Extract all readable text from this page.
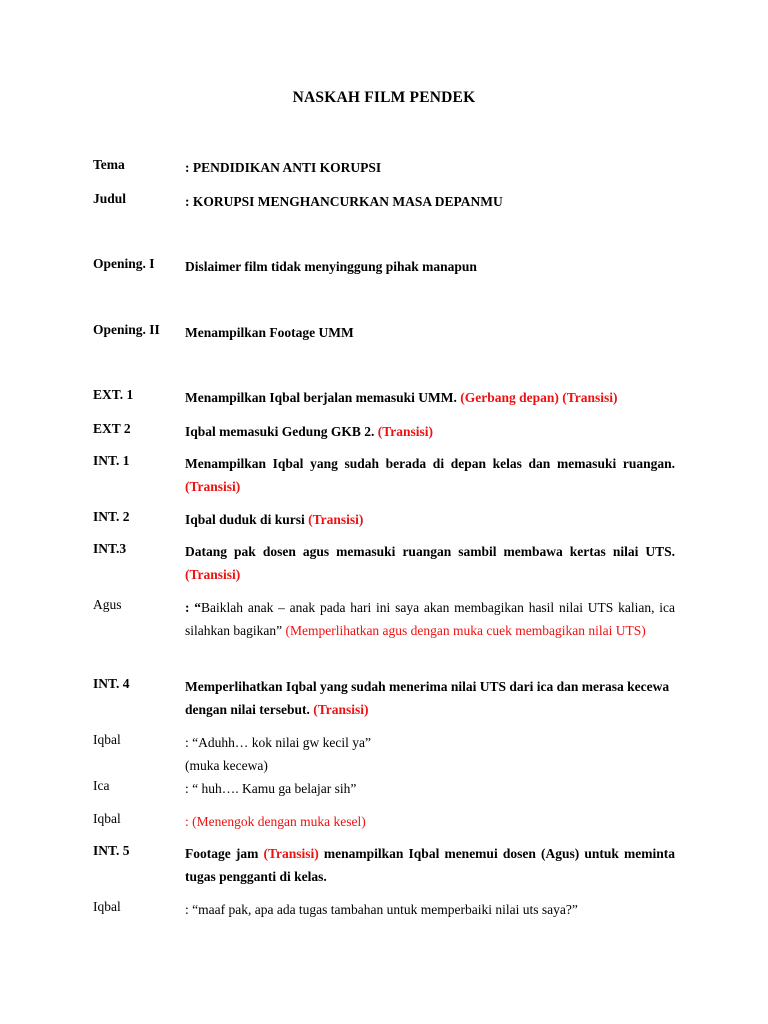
NASKAH FILM PENDEK
Tema	: PENDIDIKAN ANTI KORUPSI
Judul	: KORUPSI MENGHANCURKAN MASA DEPANMU
Opening. I	Dislaimer film tidak menyinggung pihak manapun
Opening. II	Menampilkan Footage UMM
EXT. 1	Menampilkan Iqbal berjalan memasuki UMM. (Gerbang depan) (Transisi)
EXT 2	Iqbal memasuki Gedung GKB 2. (Transisi)
INT. 1	Menampilkan Iqbal yang sudah berada di depan kelas dan memasuki ruangan. (Transisi)
INT. 2	Iqbal duduk di kursi (Transisi)
INT.3	Datang pak dosen agus memasuki ruangan sambil membawa kertas nilai UTS. (Transisi)
Agus	: “Baiklah anak – anak pada hari ini saya akan membagikan hasil nilai UTS kalian, ica silahkan bagikan” (Memperlihatkan agus dengan muka cuek membagikan nilai UTS)
INT. 4	Memperlihatkan Iqbal yang sudah menerima nilai UTS dari ica dan merasa kecewa dengan nilai tersebut. (Transisi)
Iqbal	: “Aduhh… kok nilai gw kecil ya”
(muka kecewa)
Ica	: “ huh…. Kamu ga belajar sih”
Iqbal	: (Menengok dengan muka kesel)
INT. 5	Footage jam (Transisi) menampilkan Iqbal menemui dosen (Agus) untuk meminta tugas pengganti di kelas.
Iqbal	: “maaf pak, apa ada tugas tambahan untuk memperbaiki nilai uts saya?”
